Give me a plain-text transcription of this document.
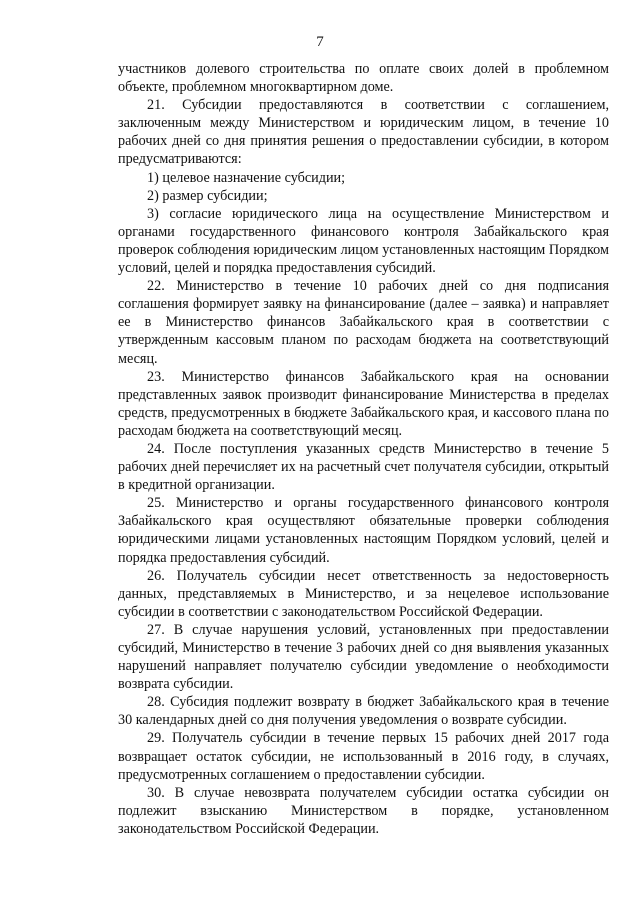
7

участников долевого строительства по оплате своих долей в проблемном объекте, проблемном многоквартирном доме.

21. Субсидии предоставляются в соответствии с соглашением, заключенным между Министерством и юридическим лицом, в течение 10 рабочих дней со дня принятия решения о предоставлении субсидии, в котором предусматриваются:

1) целевое назначение субсидии;

2) размер субсидии;

3) согласие юридического лица на осуществление Министерством и органами государственного финансового контроля Забайкальского края проверок соблюдения юридическим лицом установленных настоящим Порядком условий, целей и порядка предоставления субсидий.

22. Министерство в течение 10 рабочих дней со дня подписания соглашения формирует заявку на финансирование (далее – заявка) и направляет ее в Министерство финансов Забайкальского края в соответствии с утвержденным кассовым планом по расходам бюджета на соответствующий месяц.

23. Министерство финансов Забайкальского края на основании представленных заявок производит финансирование Министерства в пределах средств, предусмотренных в бюджете Забайкальского края, и кассового плана по расходам бюджета на соответствующий месяц.

24. После поступления указанных средств Министерство в течение 5 рабочих дней перечисляет их на расчетный счет получателя субсидии, открытый в кредитной организации.

25. Министерство и органы государственного финансового контроля Забайкальского края осуществляют обязательные проверки соблюдения юридическими лицами установленных настоящим Порядком условий, целей и порядка предоставления субсидий.

26. Получатель субсидии несет ответственность за недостоверность данных, представляемых в Министерство, и за нецелевое использование субсидии в соответствии с законодательством Российской Федерации.

27. В случае нарушения условий, установленных при предоставлении субсидий, Министерство в течение 3 рабочих дней со дня выявления указанных нарушений направляет получателю субсидии уведомление о необходимости возврата субсидии.

28. Субсидия подлежит возврату в бюджет Забайкальского края в течение 30 календарных дней со дня получения уведомления о возврате субсидии.

29. Получатель субсидии в течение первых 15 рабочих дней 2017 года возвращает остаток субсидии, не использованный в 2016 году, в случаях, предусмотренных соглашением о предоставлении субсидии.

30. В случае невозврата получателем субсидии остатка субсидии он подлежит взысканию Министерством в порядке, установленном законодательством Российской Федерации.
